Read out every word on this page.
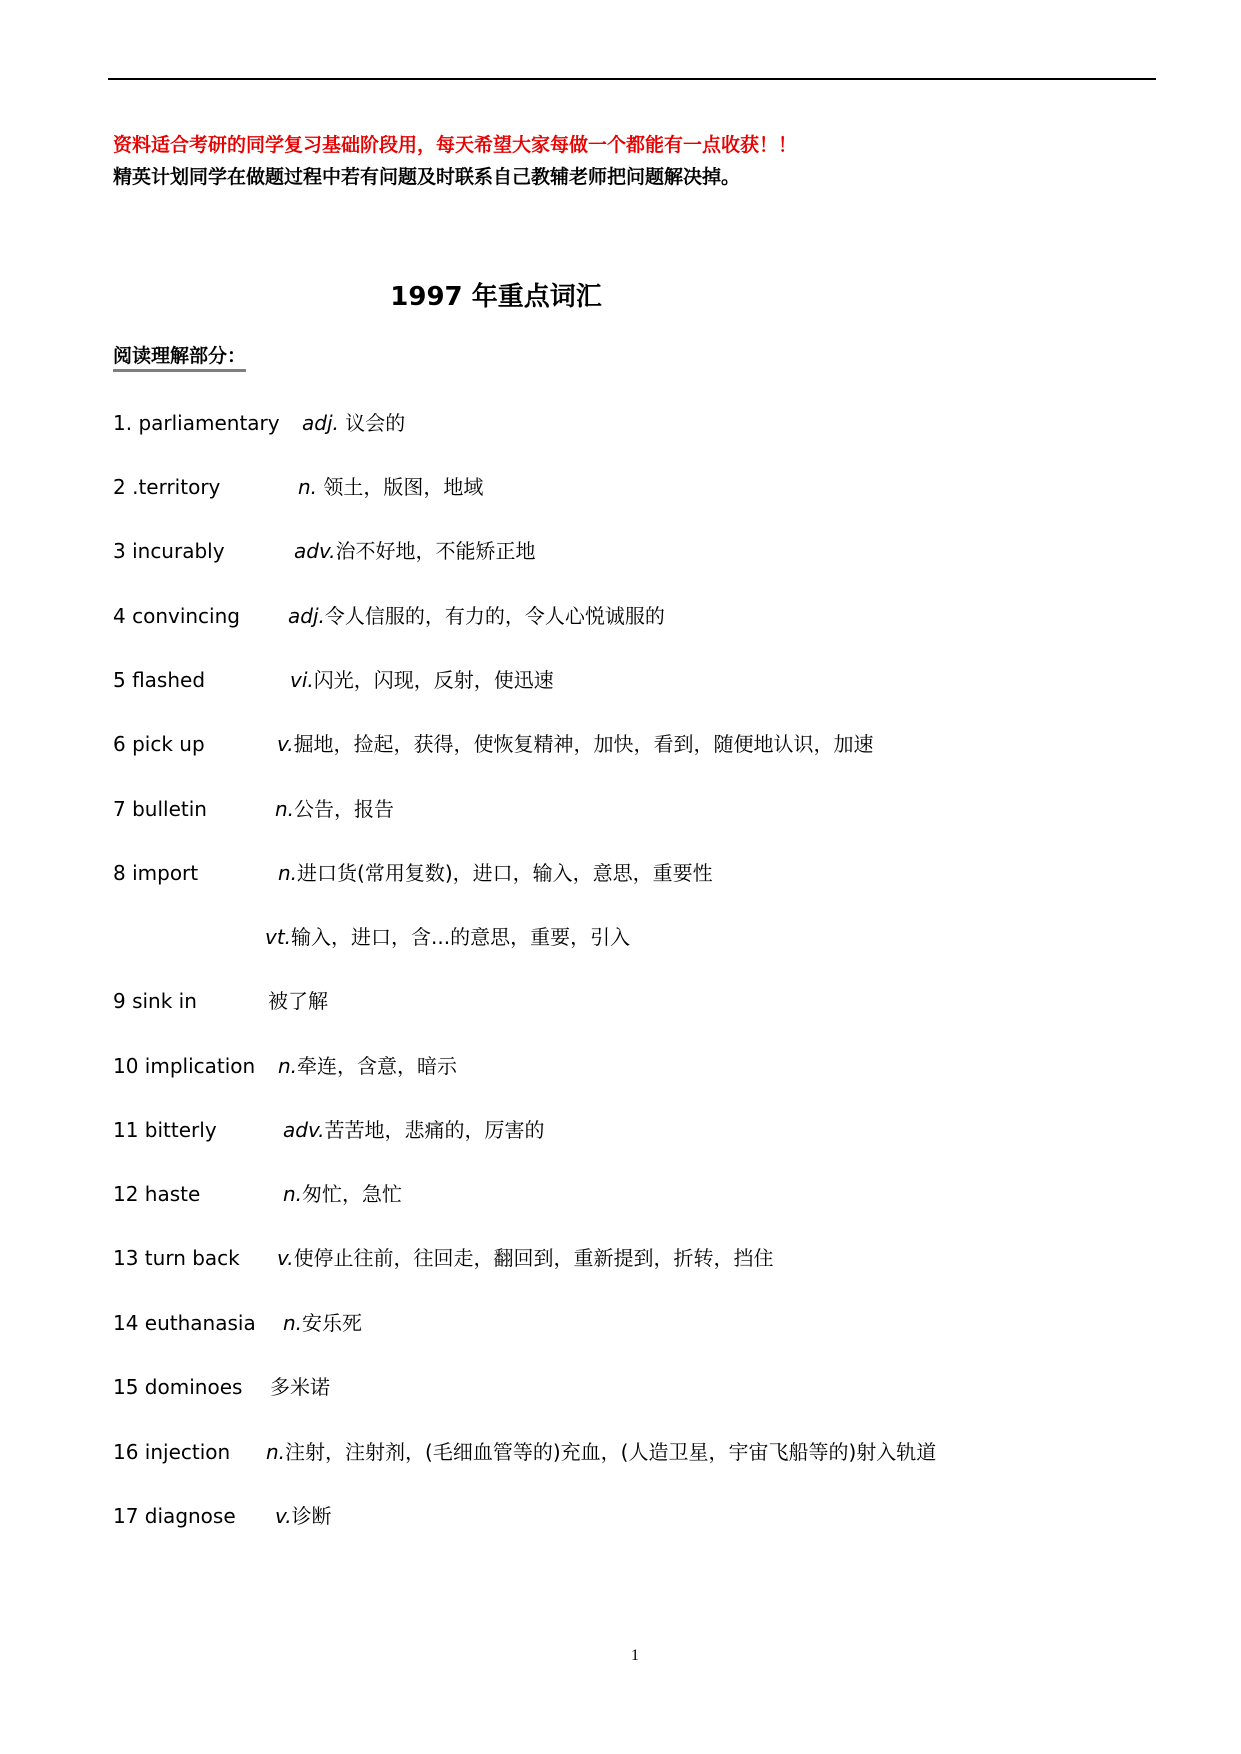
资料适合考研的同学复习基础阶段用，每天希望大家每做一个都能有一点收获！！
精英计划同学在做题过程中若有问题及时联系自己教辅老师把问题解决掉。
1997 年重点词汇
阅读理解部分：
1. parliamentary adj. 议会的
2 .territory	n. 领土，版图，地域
3 incurably	adv.治不好地，不能矫正地
4 convincing adj.令人信服的，有力的，令人心悦诚服的
5 flashed	vi.闪光，闪现，反射，使迅速
6 pick up	v.掘地，捡起，获得，使恢复精神，加快，看到，随便地认识，加速
7 bulletin	n.公告，报告
8 import	n.进口货(常用复数)，进口，输入，意思，重要性
vt.输入，进口，含...的意思，重要，引入
9 sink in	被了解
10 implication n.牵连，含意，暗示
11 bitterly	adv.苦苦地，悲痛的，厉害的
12 haste	n.匆忙，急忙
13 turn back v.使停止往前，往回走，翻回到，重新提到，折转，挡住
14 euthanasia n.安乐死
15 dominoes 多米诺
16 injection n.注射，注射剂，(毛细血管等的)充血，(人造卫星，宇宙飞船等的)射入轨道
17 diagnose v.诊断
1
